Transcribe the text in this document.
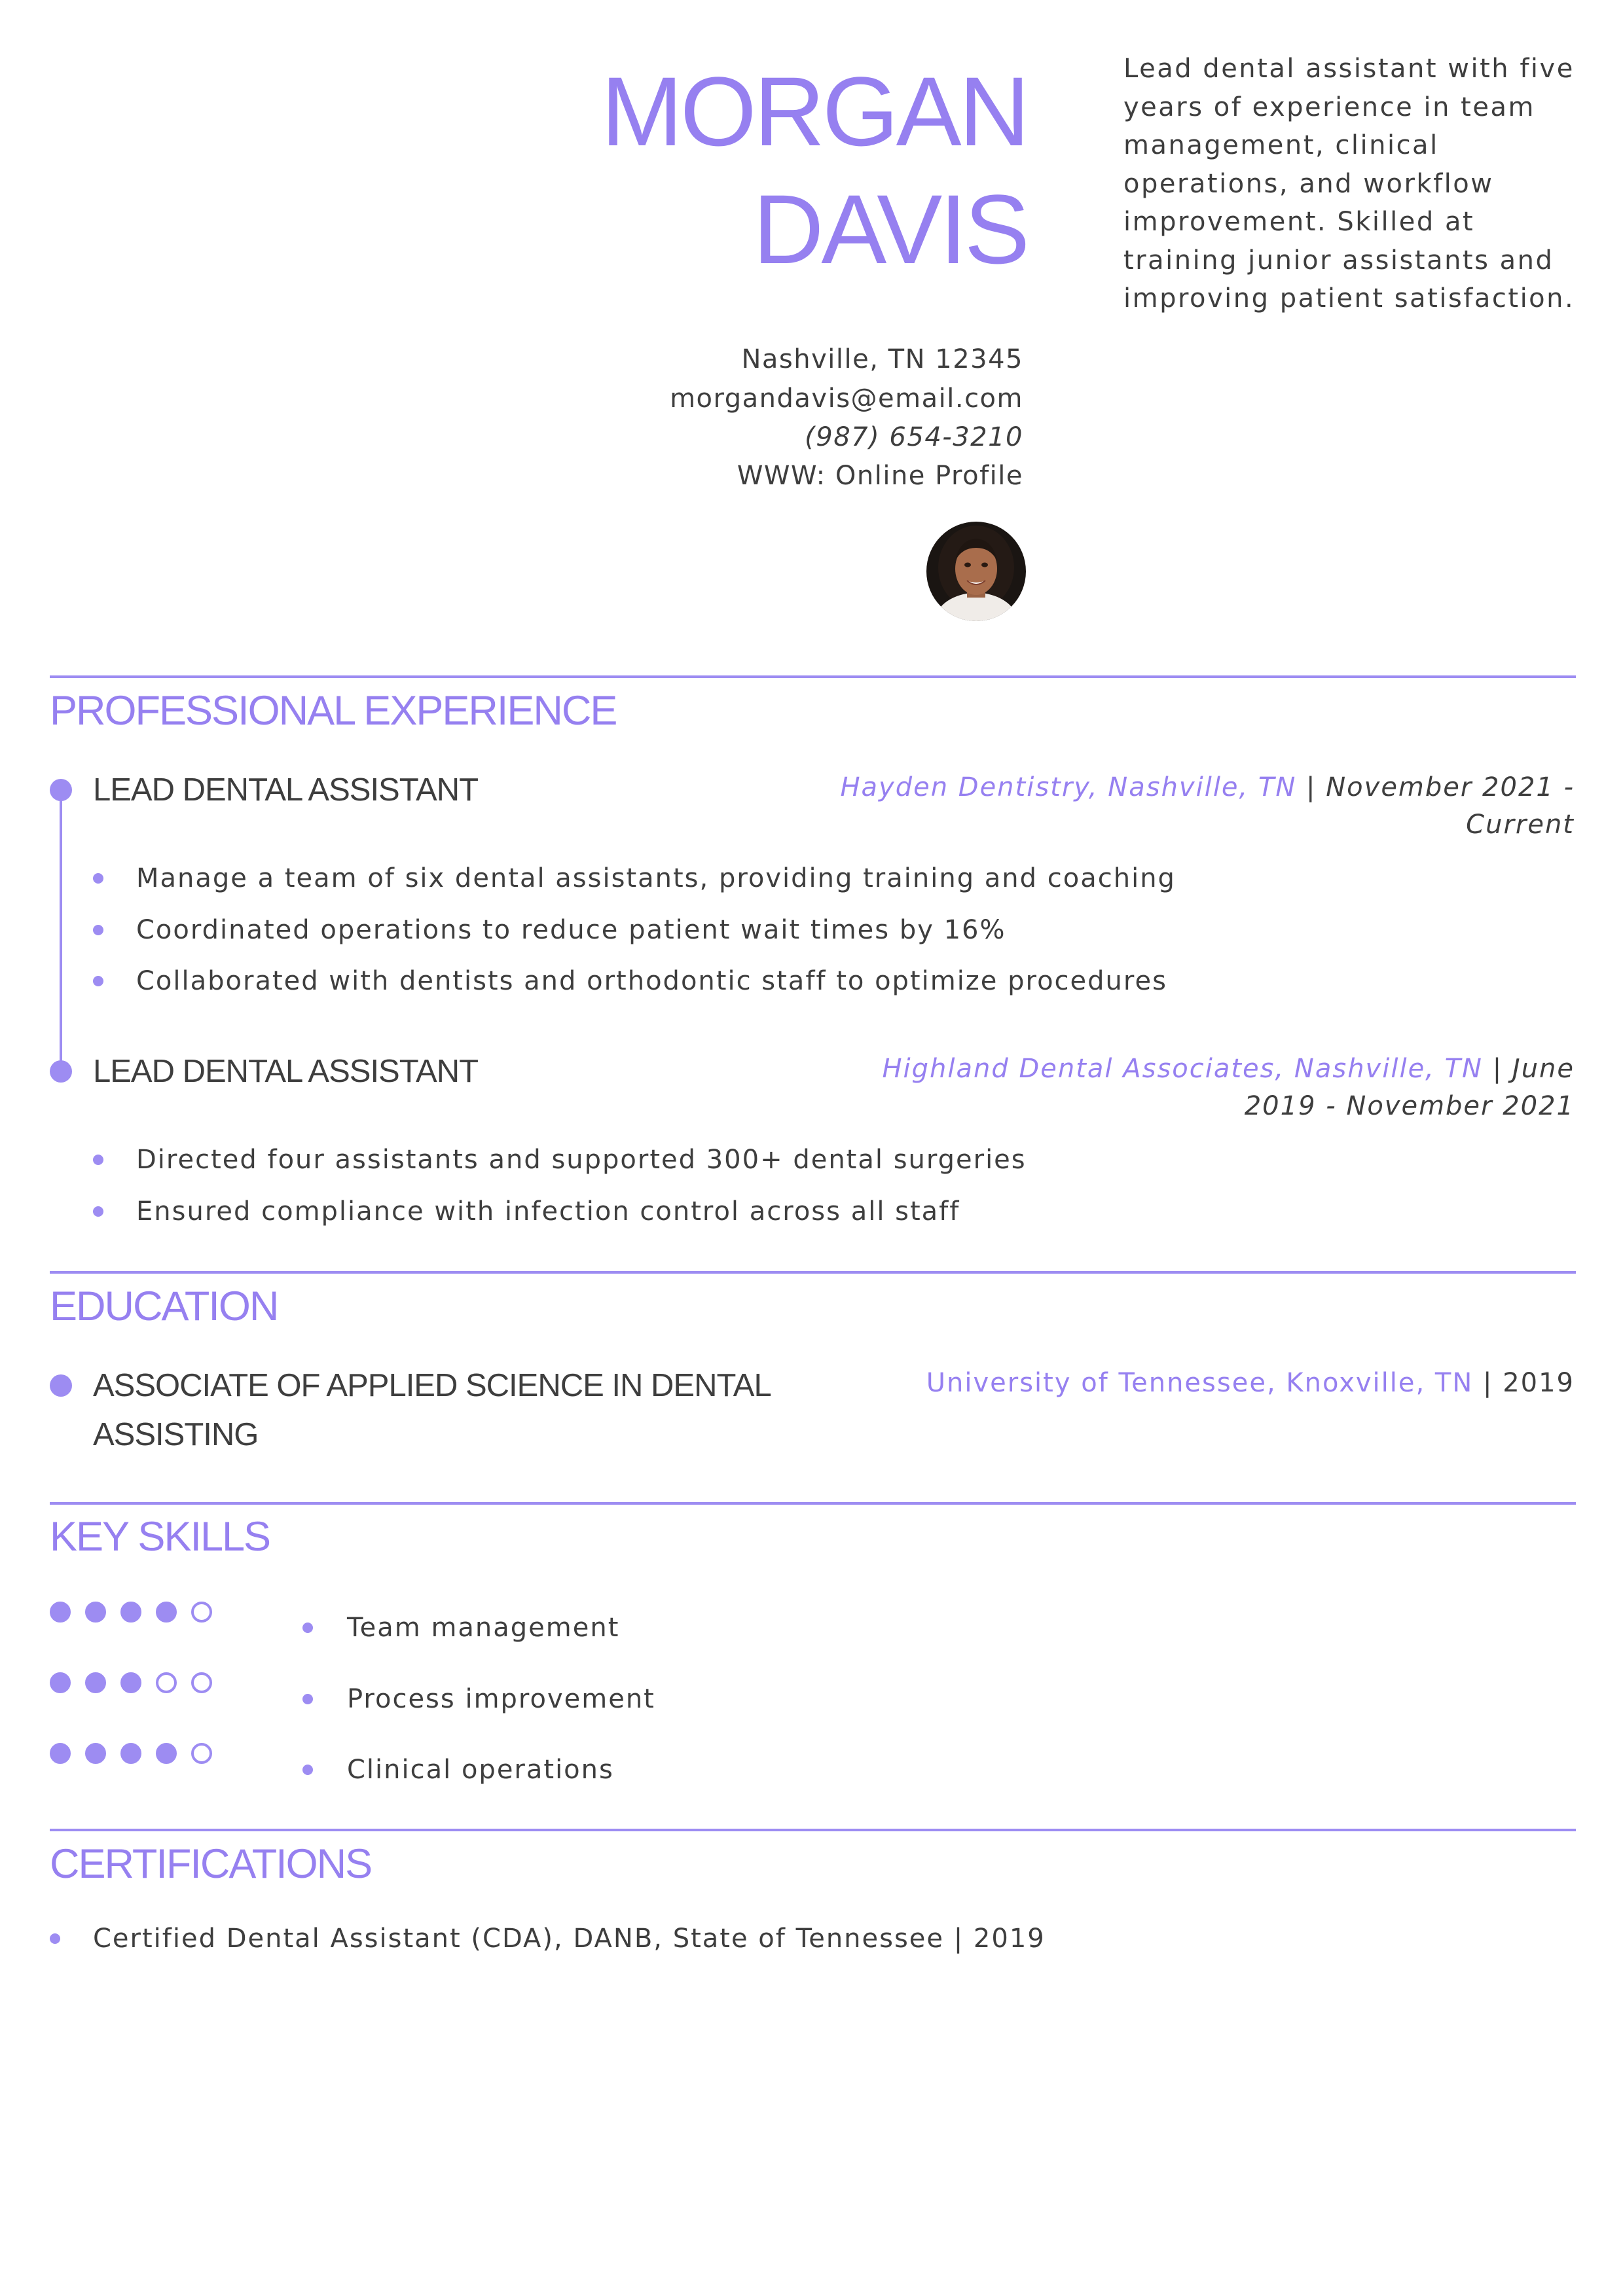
MORGAN
DAVIS
Lead dental assistant with five years of experience in team management, clinical operations, and workflow improvement. Skilled at training junior assistants and improving patient satisfaction.
Nashville, TN 12345
morgandavis@email.com
(987) 654-3210
WWW: Online Profile
PROFESSIONAL EXPERIENCE
LEAD DENTAL ASSISTANT	Hayden Dentistry, Nashville, TN | November 2021 -
Current
Manage a team of six dental assistants, providing training and coaching
Coordinated operations to reduce patient wait times by 16%
Collaborated with dentists and orthodontic staff to optimize procedures
LEAD DENTAL ASSISTANT	Highland Dental Associates, Nashville, TN | June
2019 - November 2021
Directed four assistants and supported 300+ dental surgeries
Ensured compliance with infection control across all staff
EDUCATION
ASSOCIATE OF APPLIED SCIENCE IN DENTAL
ASSISTING
University of Tennessee, Knoxville, TN | 2019
KEY SKILLS
Team management
Process improvement
Clinical operations
CERTIFICATIONS
Certified Dental Assistant (CDA), DANB, State of Tennessee | 2019
